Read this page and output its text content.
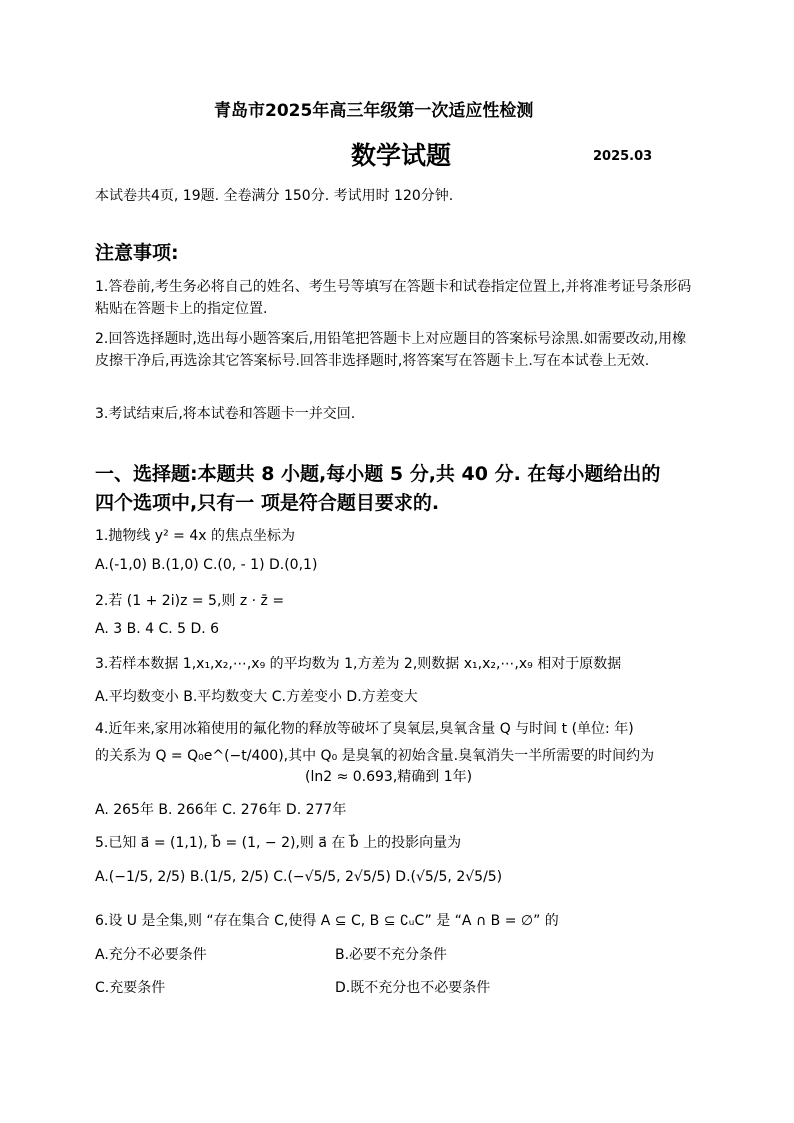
青岛市2025年高三年级第一次适应性检测
数学试题	2025.03
本试卷共4页, 19题. 全卷满分 150分. 考试用时 120分钟.
注意事项:
1.答卷前,考生务必将自己的姓名、考生号等填写在答题卡和试卷指定位置上,并将准考证号条形码粘贴在答题卡上的指定位置.
2.回答选择题时,选出每小题答案后,用铅笔把答题卡上对应题目的答案标号涂黑.如需要改动,用橡皮擦干净后,再选涂其它答案标号.回答非选择题时,将答案写在答题卡上.写在本试卷上无效.
3.考试结束后,将本试卷和答题卡一并交回.
一、选择题:本题共 8 小题,每小题 5 分,共 40 分. 在每小题给出的
四个选项中,只有一 项是符合题目要求的.
1.抛物线 y² = 4x 的焦点坐标为
A.(-1,0) B.(1,0) C.(0, - 1) D.(0,1)
2.若 (1 + 2i)z = 5,则 z · z̄ =
A. 3 B. 4 C. 5 D. 6
3.若样本数据 1,x₁,x₂,⋯,x₉ 的平均数为 1,方差为 2,则数据 x₁,x₂,⋯,x₉ 相对于原数据
A.平均数变小 B.平均数变大 C.方差变小 D.方差变大
4.近年来,家用冰箱使用的氟化物的释放等破坏了臭氧层,臭氧含量 Q 与时间 t (单位: 年)
的关系为 Q = Q₀e^(−t/400),其中 Q₀ 是臭氧的初始含量.臭氧消失一半所需要的时间约为
(ln2 ≈ 0.693,精确到 1年)
A. 265年 B. 266年 C. 276年 D. 277年
5.已知 a⃗ = (1,1), b⃗ = (1, − 2),则 a⃗ 在 b⃗ 上的投影向量为
A.(−1/5, 2/5) B.(1/5, 2/5) C.(−√5/5, 2√5/5) D.(√5/5, 2√5/5)
6.设 U 是全集,则 “存在集合 C,使得 A ⊆ C, B ⊆ ∁ᵤC” 是 “A ∩ B = ∅” 的
A.充分不必要条件	B.必要不充分条件
C.充要条件	D.既不充分也不必要条件
